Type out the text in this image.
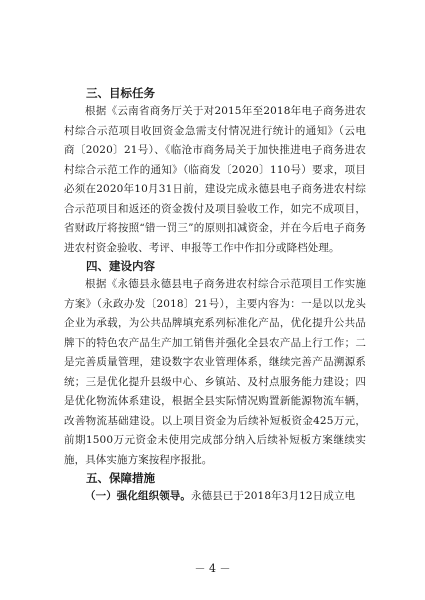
三、目标任务

根据《云南省商务厅关于对2015年至2018年电子商务进农村综合示范项目收回资金急需支付情况进行统计的通知》（云电商〔2020〕21号）、《临沧市商务局关于加快推进电子商务进农村综合示范工作的通知》（临商发〔2020〕110号）要求，项目必须在2020年10月31日前，建设完成永德县电子商务进农村综合示范项目和返还的资金拨付及项目验收工作，如完不成项目，省财政厅将按照“错一罚三”的原则扣减资金，并在今后电子商务进农村资金验收、考评、申报等工作中作扣分或降档处理。

四、建设内容

根据《永德县永德县电子商务进农村综合示范项目工作实施方案》（永政办发〔2018〕21号），主要内容为：一是以以龙头企业为承载，为公共品牌填充系列标准化产品，优化提升公共品牌下的特色农产品生产加工销售并强化全县农产品上行工作；二是完善质量管理，建设数字农业管理体系，继续完善产品溯源系统；三是优化提升县级中心、乡镇站、及村点服务能力建设；四是优化物流体系建设，根据全县实际情况购置新能源物流车辆，改善物流基础建设。以上项目资金为后续补短板资金425万元，前期1500万元资金未使用完成部分纳入后续补短板方案继续实施，具体实施方案按程序报批。

五、保障措施

（一）强化组织领导。永德县已于2018年3月12日成立电

－ 4 －
